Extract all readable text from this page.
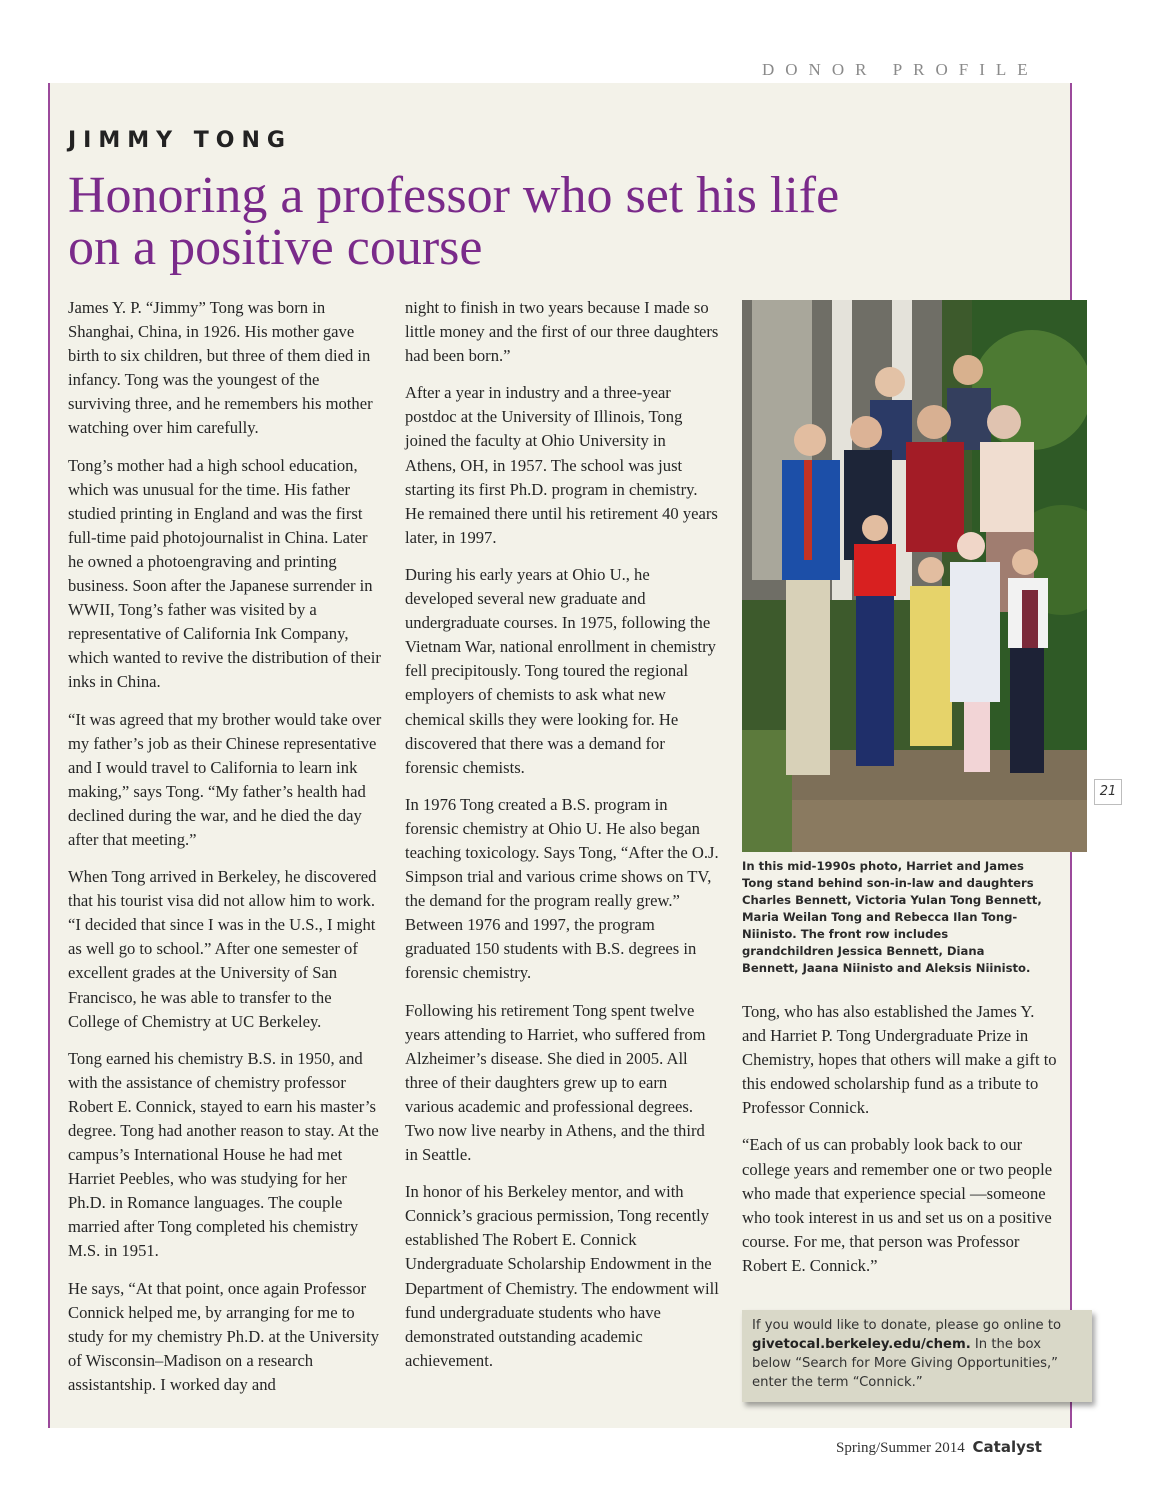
DONOR PROFILE
JIMMY TONG
Honoring a professor who set his life
on a positive course

James Y. P. “Jimmy” Tong was born in Shanghai, China, in 1926. His mother gave birth to six children, but three of them died in infancy. Tong was the youngest of the surviving three, and he remembers his mother watching over him carefully.

Tong’s mother had a high school education, which was unusual for the time. His father studied printing in England and was the first full-time paid photojournalist in China. Later he owned a photoengraving and printing business. Soon after the Japanese surrender in WWII, Tong’s father was visited by a representative of California Ink Company, which wanted to revive the distribution of their inks in China.

“It was agreed that my brother would take over my father’s job as their Chinese representative and I would travel to California to learn ink making,” says Tong. “My father’s health had declined during the war, and he died the day after that meeting.”

When Tong arrived in Berkeley, he discovered that his tourist visa did not allow him to work. “I decided that since I was in the U.S., I might as well go to school.” After one semester of excellent grades at the University of San Francisco, he was able to transfer to the College of Chemistry at UC Berkeley.

Tong earned his chemistry B.S. in 1950, and with the assistance of chemistry professor Robert E. Connick, stayed to earn his master’s degree. Tong had another reason to stay. At the campus’s International House he had met Harriet Peebles, who was studying for her Ph.D. in Romance languages. The couple married after Tong completed his chemistry M.S. in 1951.

He says, “At that point, once again Professor Connick helped me, by arranging for me to study for my chemistry Ph.D. at the University of Wisconsin–Madison on a research assistantship. I worked day and

night to finish in two years because I made so little money and the first of our three daughters had been born.”

After a year in industry and a three-year postdoc at the University of Illinois, Tong joined the faculty at Ohio University in Athens, OH, in 1957. The school was just starting its first Ph.D. program in chemistry. He remained there until his retirement 40 years later, in 1997.

During his early years at Ohio U., he developed several new graduate and undergraduate courses. In 1975, following the Vietnam War, national enrollment in chemistry fell precipitously. Tong toured the regional employers of chemists to ask what new chemical skills they were looking for. He discovered that there was a demand for forensic chemists.

In 1976 Tong created a B.S. program in forensic chemistry at Ohio U. He also began teaching toxicology. Says Tong, “After the O.J. Simpson trial and various crime shows on TV, the demand for the program really grew.” Between 1976 and 1997, the program graduated 150 students with B.S. degrees in forensic chemistry.

Following his retirement Tong spent twelve years attending to Harriet, who suffered from Alzheimer’s disease. She died in 2005. All three of their daughters grew up to earn various academic and professional degrees. Two now live nearby in Athens, and the third in Seattle.

In honor of his Berkeley mentor, and with Connick’s gracious permission, Tong recently established The Robert E. Connick Undergraduate Scholarship Endowment in the Department of Chemistry. The endowment will fund undergraduate students who have demonstrated outstanding academic achievement.

In this mid-1990s photo, Harriet and James Tong stand behind son-in-law and daughters Charles Bennett, Victoria Yulan Tong Bennett, Maria Weilan Tong and Rebecca Ilan Tong-Niinisto. The front row includes grandchildren Jessica Bennett, Diana Bennett, Jaana Niinisto and Aleksis Niinisto.
21

Tong, who has also established the James Y. and Harriet P. Tong Undergraduate Prize in Chemistry, hopes that others will make a gift to this endowed scholarship fund as a tribute to Professor Connick.

“Each of us can probably look back to our college years and remember one or two people who made that experience special —someone who took interest in us and set us on a positive course. For me, that person was Professor Robert E. Connick.”

If you would like to donate, please go online to givetocal.berkeley.edu/chem. In the box below “Search for More Giving Opportunities,” enter the term “Connick.”
Spring/Summer 2014 Catalyst
